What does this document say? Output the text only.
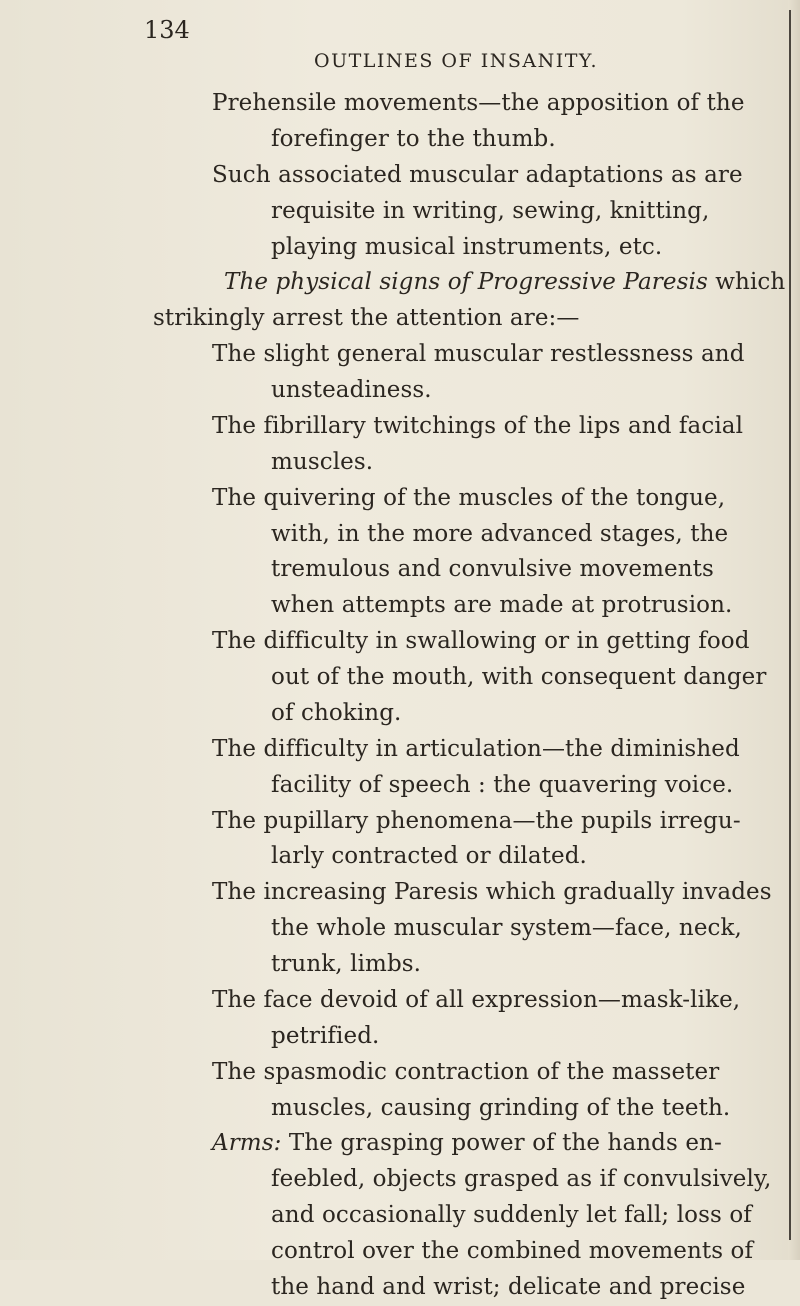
134
OUTLINES OF INSANITY.

Prehensile movements—the apposition of the

forefinger to the thumb.

Such associated muscular adaptations as are

requisite in writing, sewing, knitting,

playing musical instruments, etc.

The physical signs of Progressive Paresis which

strikingly arrest the attention are:—

The slight general muscular restlessness and

unsteadiness.

The fibrillary twitchings of the lips and facial

muscles.

The quivering of the muscles of the tongue,

with, in the more advanced stages, the

tremulous and convulsive movements

when attempts are made at protrusion.

The difficulty in swallowing or in getting food

out of the mouth, with consequent danger

of choking.

The difficulty in articulation—the diminished

facility of speech : the quavering voice.

The pupillary phenomena—the pupils irregu-

larly contracted or dilated.

The increasing Paresis which gradually invades

the whole muscular system—face, neck,

trunk, limbs.

The face devoid of all expression—mask-like,

petrified.

The spasmodic contraction of the masseter

muscles, causing grinding of the teeth.

Arms: The grasping power of the hands en-

feebled, objects grasped as if convulsively,

and occasionally suddenly let fall; loss of

control over the combined movements of

the hand and wrist; delicate and precise
